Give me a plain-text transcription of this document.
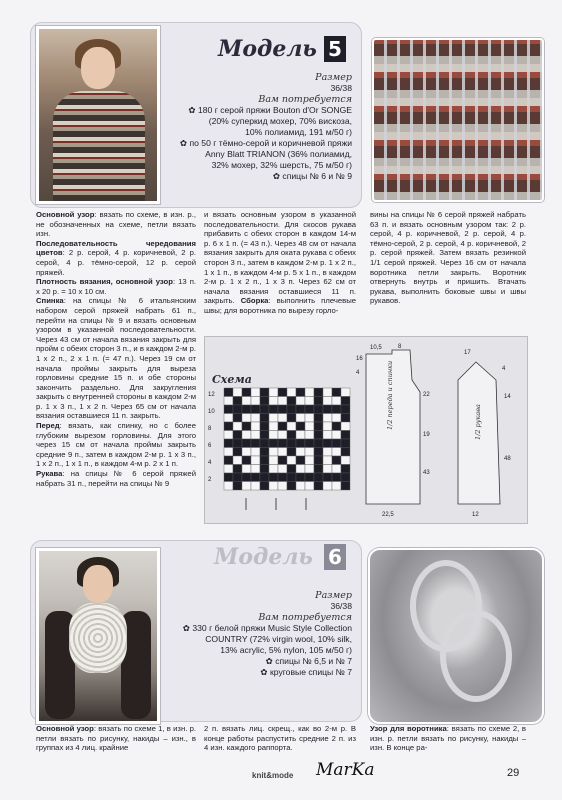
Модель 5
Размер
36/38
Вам потребуется
✿ 180 г серой пряжи Bouton d'Or SONGE
(20% суперкид мохер, 70% вискоза,
10% полиамид, 191 м/50 г)
✿ по 50 г тёмно-серой и коричневой пряжи
Anny Blatt TRIANON (36% полиамид,
32% мохер, 32% шерсть, 75 м/50 г)
✿ спицы № 6 и № 9
Основной узор: вязать по схеме, в изн. р., не обозначенных на схеме, петли вязать изн.
Последовательность чередования цветов: 2 р. серой, 4 р. коричневой, 2 р. серой, 4 р. тёмно-серой, 12 р. серой пряжей.
Плотность вязания, основной узор: 13 п. х 20 р. = 10 х 10 см.
Спинка: на спицы № 6 итальянским набором серой пряжей набрать 61 п., перейти на спицы № 9 и вязать основным узором в указанной последовательности. Через 43 см от начала вязания закрыть для пройм с обеих сторон 3 п., и в каждом 2-м р. 1 х 2 п., 2 х 1 п. (= 47 п.). Через 19 см от начала проймы закрыть для выреза горловины средние 15 п. и обе стороны закончить раздельно. Для закругления закрыть с внутренней стороны в каждом 2-м р. 1 х 3 п., 1 х 2 п. Через 65 см от начала вязания оставшиеся 11 п. закрыть.
Перед: вязать, как спинку, но с более глубоким вырезом горловины. Для этого через 15 см от начала проймы закрыть средние 9 п., затем в каждом 2-м р. 1 х 3 п., 1 х 2 п., 1 х 1 п., в каждом 4-м р. 2 х 1 п.
Рукава: на спицы № 6 серой пряжей набрать 31 п., перейти на спицы № 9
и вязать основным узором в указанной последовательности. Для скосов рукава прибавить с обеих сторон в каждом 14-м р. 6 х 1 п. (= 43 п.). Через 48 см от начала вязания закрыть для оката рукава с обеих сторон 3 п., затем в каждом 2-м р. 1 х 2 п., 1 х 1 п., в каждом 4-м р. 5 х 1 п., в каждом 2-м р. 1 х 2 п., 1 х 3 п. Через 62 см от начала вязания оставшиеся 11 п. закрыть. Сборка: выполнить плечевые швы; для воротника по вырезу горло-
вины на спицы № 6 серой пряжей набрать 63 п. и вязать основным узором так: 2 р. серой, 4 р. коричневой, 2 р. серой, 4 р. тёмно-серой, 2 р. серой, 4 р. коричневой, 2 р. серой пряжей. Затем вязать резинкой 1/1 серой пряжей. Через 16 см от начала воротника петли закрыть. Воротник отвернуть внутрь и пришить. Втачать рукава, выполнить боковые швы и швы рукавов.
Схема
12
10
8
6
4
2
10,5	8
16
4
22
19
43
22,5
1/2 переда и спинки
17
4
14
48
12
1/2 рукава
Модель 6
Размер
36/38
Вам потребуется
✿ 330 г белой пряжи Music Style Collection
COUNTRY (72% virgin wool, 10% silk,
13% acrylic, 5% nylon, 105 м/50 г)
✿ спицы № 6,5 и № 7
✿ круговые спицы № 7
Основной узор: вязать по схеме 1, в изн. р. петли вязать по рисунку, накиды – изн., в группах из 4 лиц. крайние
2 п. вязать лиц. скрещ., как во 2-м р. В конце работы распустить средние 2 п. из 4 изн. каждого раппорта.
Узор для воротника: вязать по схеме 2, в изн. р. петли вязать по рисунку, накиды – изн. В конце ра-
knit&mode MarKa	29
